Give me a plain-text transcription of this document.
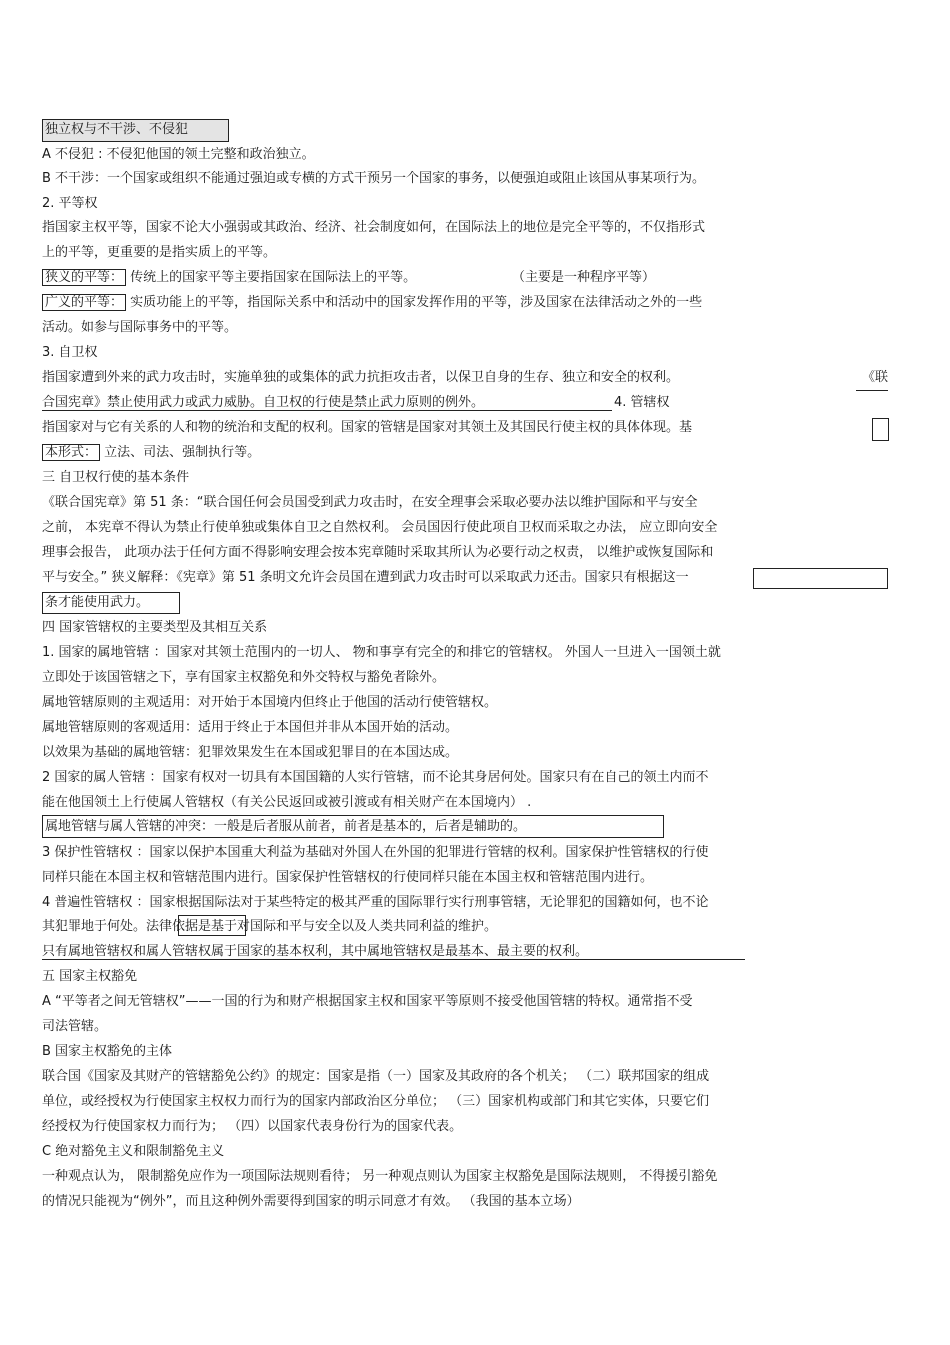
独立权与不干涉、不侵犯
A 不侵犯 : 不侵犯他国的领土完整和政治独立。
B 不干涉：一个国家或组织不能通过强迫或专横的方式干预另一个国家的事务，以便强迫或阻止该国从事某项行为。
2. 平等权
指国家主权平等，国家不论大小强弱或其政治、经济、社会制度如何，在国际法上的地位是完全平等的，不仅指形式
上的平等，更重要的是指实质上的平等。
狭义的平等： 传统上的国家平等主要指国家在国际法上的平等。	（主要是一种程序平等）
广义的平等： 实质功能上的平等，指国际关系中和活动中的国家发挥作用的平等，涉及国家在法律活动之外的一些
活动。如参与国际事务中的平等。
3. 自卫权
指国家遭到外来的武力攻击时，实施单独的或集体的武力抗拒攻击者，以保卫自身的生存、独立和安全的权利。	《联
合国宪章》禁止使用武力或武力威胁。自卫权的行使是禁止武力原则的例外。	4. 管辖权
指国家对与它有关系的人和物的统治和支配的权利。国家的管辖是国家对其领土及其国民行使主权的具体体现。基
本形式： 立法、司法、强制执行等。
三 自卫权行使的基本条件
《联合国宪章》第 51 条：“联合国任何会员国受到武力攻击时，在安全理事会采取必要办法以维护国际和平与安全
之前， 本宪章不得认为禁止行使单独或集体自卫之自然权利。 会员国因行使此项自卫权而采取之办法， 应立即向安全
理事会报告， 此项办法于任何方面不得影响安理会按本宪章随时采取其所认为必要行动之权责， 以维护或恢复国际和
平与安全。” 狭义解释：《宪章》第 51 条明文允许会员国在遭到武力攻击时可以采取武力还击。国家只有根据这一
条才能使用武力。
四 国家管辖权的主要类型及其相互关系
1. 国家的属地管辖 ：国家对其领土范围内的一切人、 物和事享有完全的和排它的管辖权。 外国人一旦进入一国领土就
立即处于该国管辖之下，享有国家主权豁免和外交特权与豁免者除外。
属地管辖原则的主观适用：对开始于本国境内但终止于他国的活动行使管辖权。
属地管辖原则的客观适用：适用于终止于本国但并非从本国开始的活动。
以效果为基础的属地管辖：犯罪效果发生在本国或犯罪目的在本国达成。
2 国家的属人管辖 ：国家有权对一切具有本国国籍的人实行管辖，而不论其身居何处。国家只有在自己的领土内而不
能在他国领土上行使属人管辖权（有关公民返回或被引渡或有相关财产在本国境内） .
属地管辖与属人管辖的冲突：一般是后者服从前者，前者是基本的，后者是辅助的。
3 保护性管辖权 ：国家以保护本国重大利益为基础对外国人在外国的犯罪进行管辖的权利。国家保护性管辖权的行使
同样只能在本国主权和管辖范围内进行。国家保护性管辖权的行使同样只能在本国主权和管辖范围内进行。
4 普遍性管辖权 ：国家根据国际法对于某些特定的极其严重的国际罪行实行刑事管辖，无论罪犯的国籍如何，也不论
其犯罪地于何处。法律依据是基于对国际和平与安全以及人类共同利益的维护。
只有属地管辖权和属人管辖权属于国家的基本权利，其中属地管辖权是最基本、最主要的权利。
五 国家主权豁免
A “平等者之间无管辖权”——一国的行为和财产根据国家主权和国家平等原则不接受他国管辖的特权。通常指不受
司法管辖。
B 国家主权豁免的主体
联合国《国家及其财产的管辖豁免公约》的规定：国家是指（一）国家及其政府的各个机关； （二）联邦国家的组成
单位，或经授权为行使国家主权权力而行为的国家内部政治区分单位； （三）国家机构或部门和其它实体，只要它们
经授权为行使国家权力而行为； （四）以国家代表身份行为的国家代表。
C 绝对豁免主义和限制豁免主义
一种观点认为， 限制豁免应作为一项国际法规则看待； 另一种观点则认为国家主权豁免是国际法规则， 不得援引豁免
的情况只能视为“例外”，而且这种例外需要得到国家的明示同意才有效。 （我国的基本立场）
